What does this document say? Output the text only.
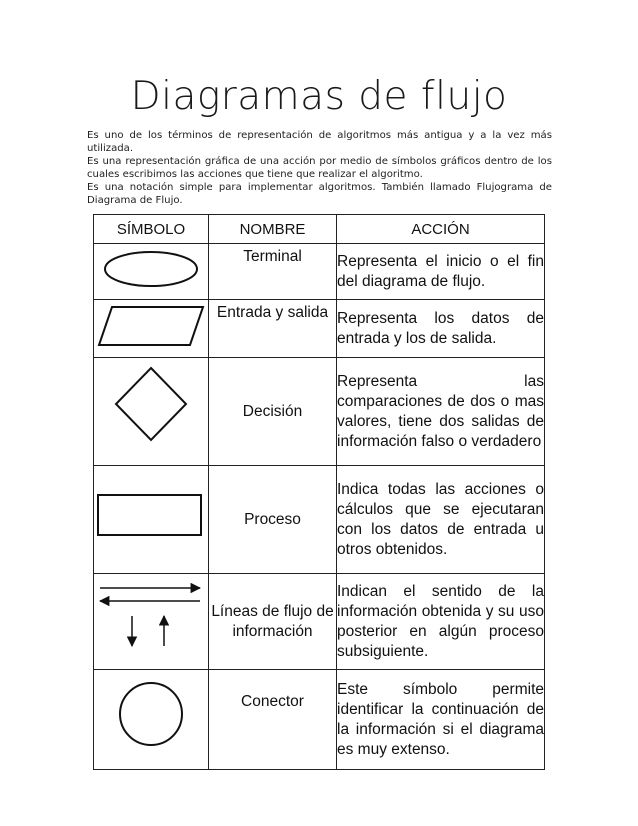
Diagramas de flujo

Es uno de los términos de representación de algoritmos más antigua y a la vez más utilizada.

Es una representación gráfica de una acción por medio de símbolos gráficos dentro de los cuales escribimos las acciones que tiene que realizar el algoritmo.

Es una notación simple para implementar algoritmos. También llamado Flujograma de Diagrama de Flujo.

SÍMBOLO	NOMBRE	ACCIÓN
	Terminal	Representa el inicio o el fin del diagrama de flujo.
	Entrada y salida	Representa los datos de entrada y los de salida.
	Decisión	Representa las comparaciones de dos o mas valores, tiene dos salidas de información falso o verdadero
	Proceso	Indica todas las acciones o cálculos que se ejecutaran con los datos de entrada u otros obtenidos.
	Líneas de flujo de información	Indican el sentido de la información obtenida y su uso posterior en algún proceso subsiguiente.
	Conector	Este símbolo permite identificar la continuación de la información si el diagrama es muy extenso.
